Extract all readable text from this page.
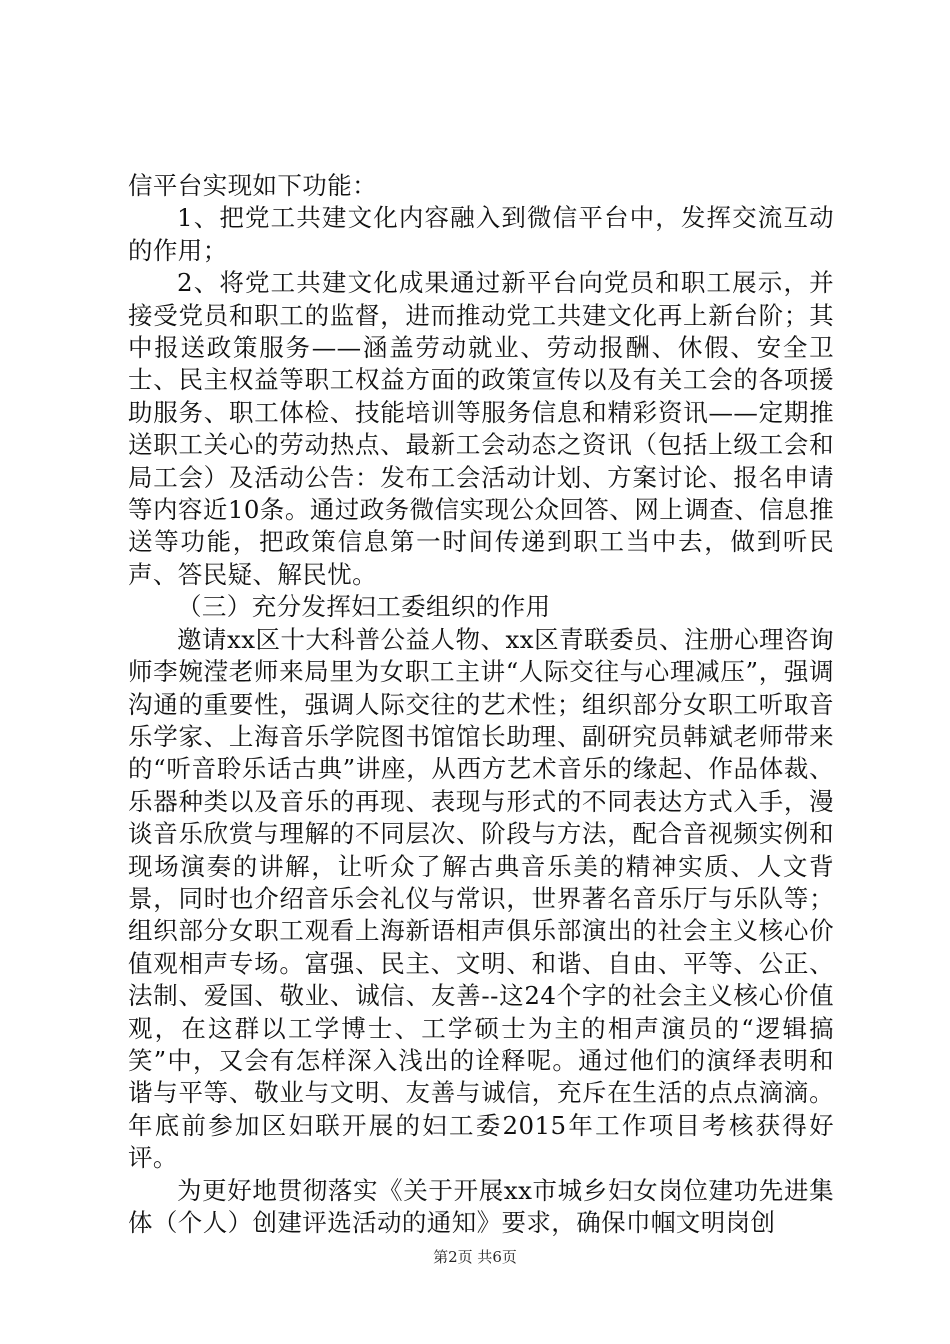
信平台实现如下功能：

1、把党工共建文化内容融入到微信平台中，发挥交流互动的作用；

2、将党工共建文化成果通过新平台向党员和职工展示，并接受党员和职工的监督，进而推动党工共建文化再上新台阶；其中报送政策服务——涵盖劳动就业、劳动报酬、休假、安全卫士、民主权益等职工权益方面的政策宣传以及有关工会的各项援助服务、职工体检、技能培训等服务信息和精彩资讯——定期推送职工关心的劳动热点、最新工会动态之资讯（包括上级工会和局工会）及活动公告：发布工会活动计划、方案讨论、报名申请等内容近10条。通过政务微信实现公众回答、网上调查、信息推送等功能，把政策信息第一时间传递到职工当中去，做到听民声、答民疑、解民忧。

（三）充分发挥妇工委组织的作用

邀请xx区十大科普公益人物、xx区青联委员、注册心理咨询师李婉滢老师来局里为女职工主讲“人际交往与心理减压”，强调沟通的重要性，强调人际交往的艺术性；组织部分女职工听取音乐学家、上海音乐学院图书馆馆长助理、副研究员韩斌老师带来的“听音聆乐话古典”讲座，从西方艺术音乐的缘起、作品体裁、乐器种类以及音乐的再现、表现与形式的不同表达方式入手，漫谈音乐欣赏与理解的不同层次、阶段与方法，配合音视频实例和现场演奏的讲解，让听众了解古典音乐美的精神实质、人文背景，同时也介绍音乐会礼仪与常识，世界著名音乐厅与乐队等；组织部分女职工观看上海新语相声俱乐部演出的社会主义核心价值观相声专场。富强、民主、文明、和谐、自由、平等、公正、法制、爱国、敬业、诚信、友善--这24个字的社会主义核心价值观，在这群以工学博士、工学硕士为主的相声演员的“逻辑搞笑”中，又会有怎样深入浅出的诠释呢。通过他们的演绎表明和谐与平等、敬业与文明、友善与诚信，充斥在生活的点点滴滴。年底前参加区妇联开展的妇工委2015年工作项目考核获得好评。

为更好地贯彻落实《关于开展xx市城乡妇女岗位建功先进集体（个人）创建评选活动的通知》要求，确保巾帼文明岗创

第2页 共6页
